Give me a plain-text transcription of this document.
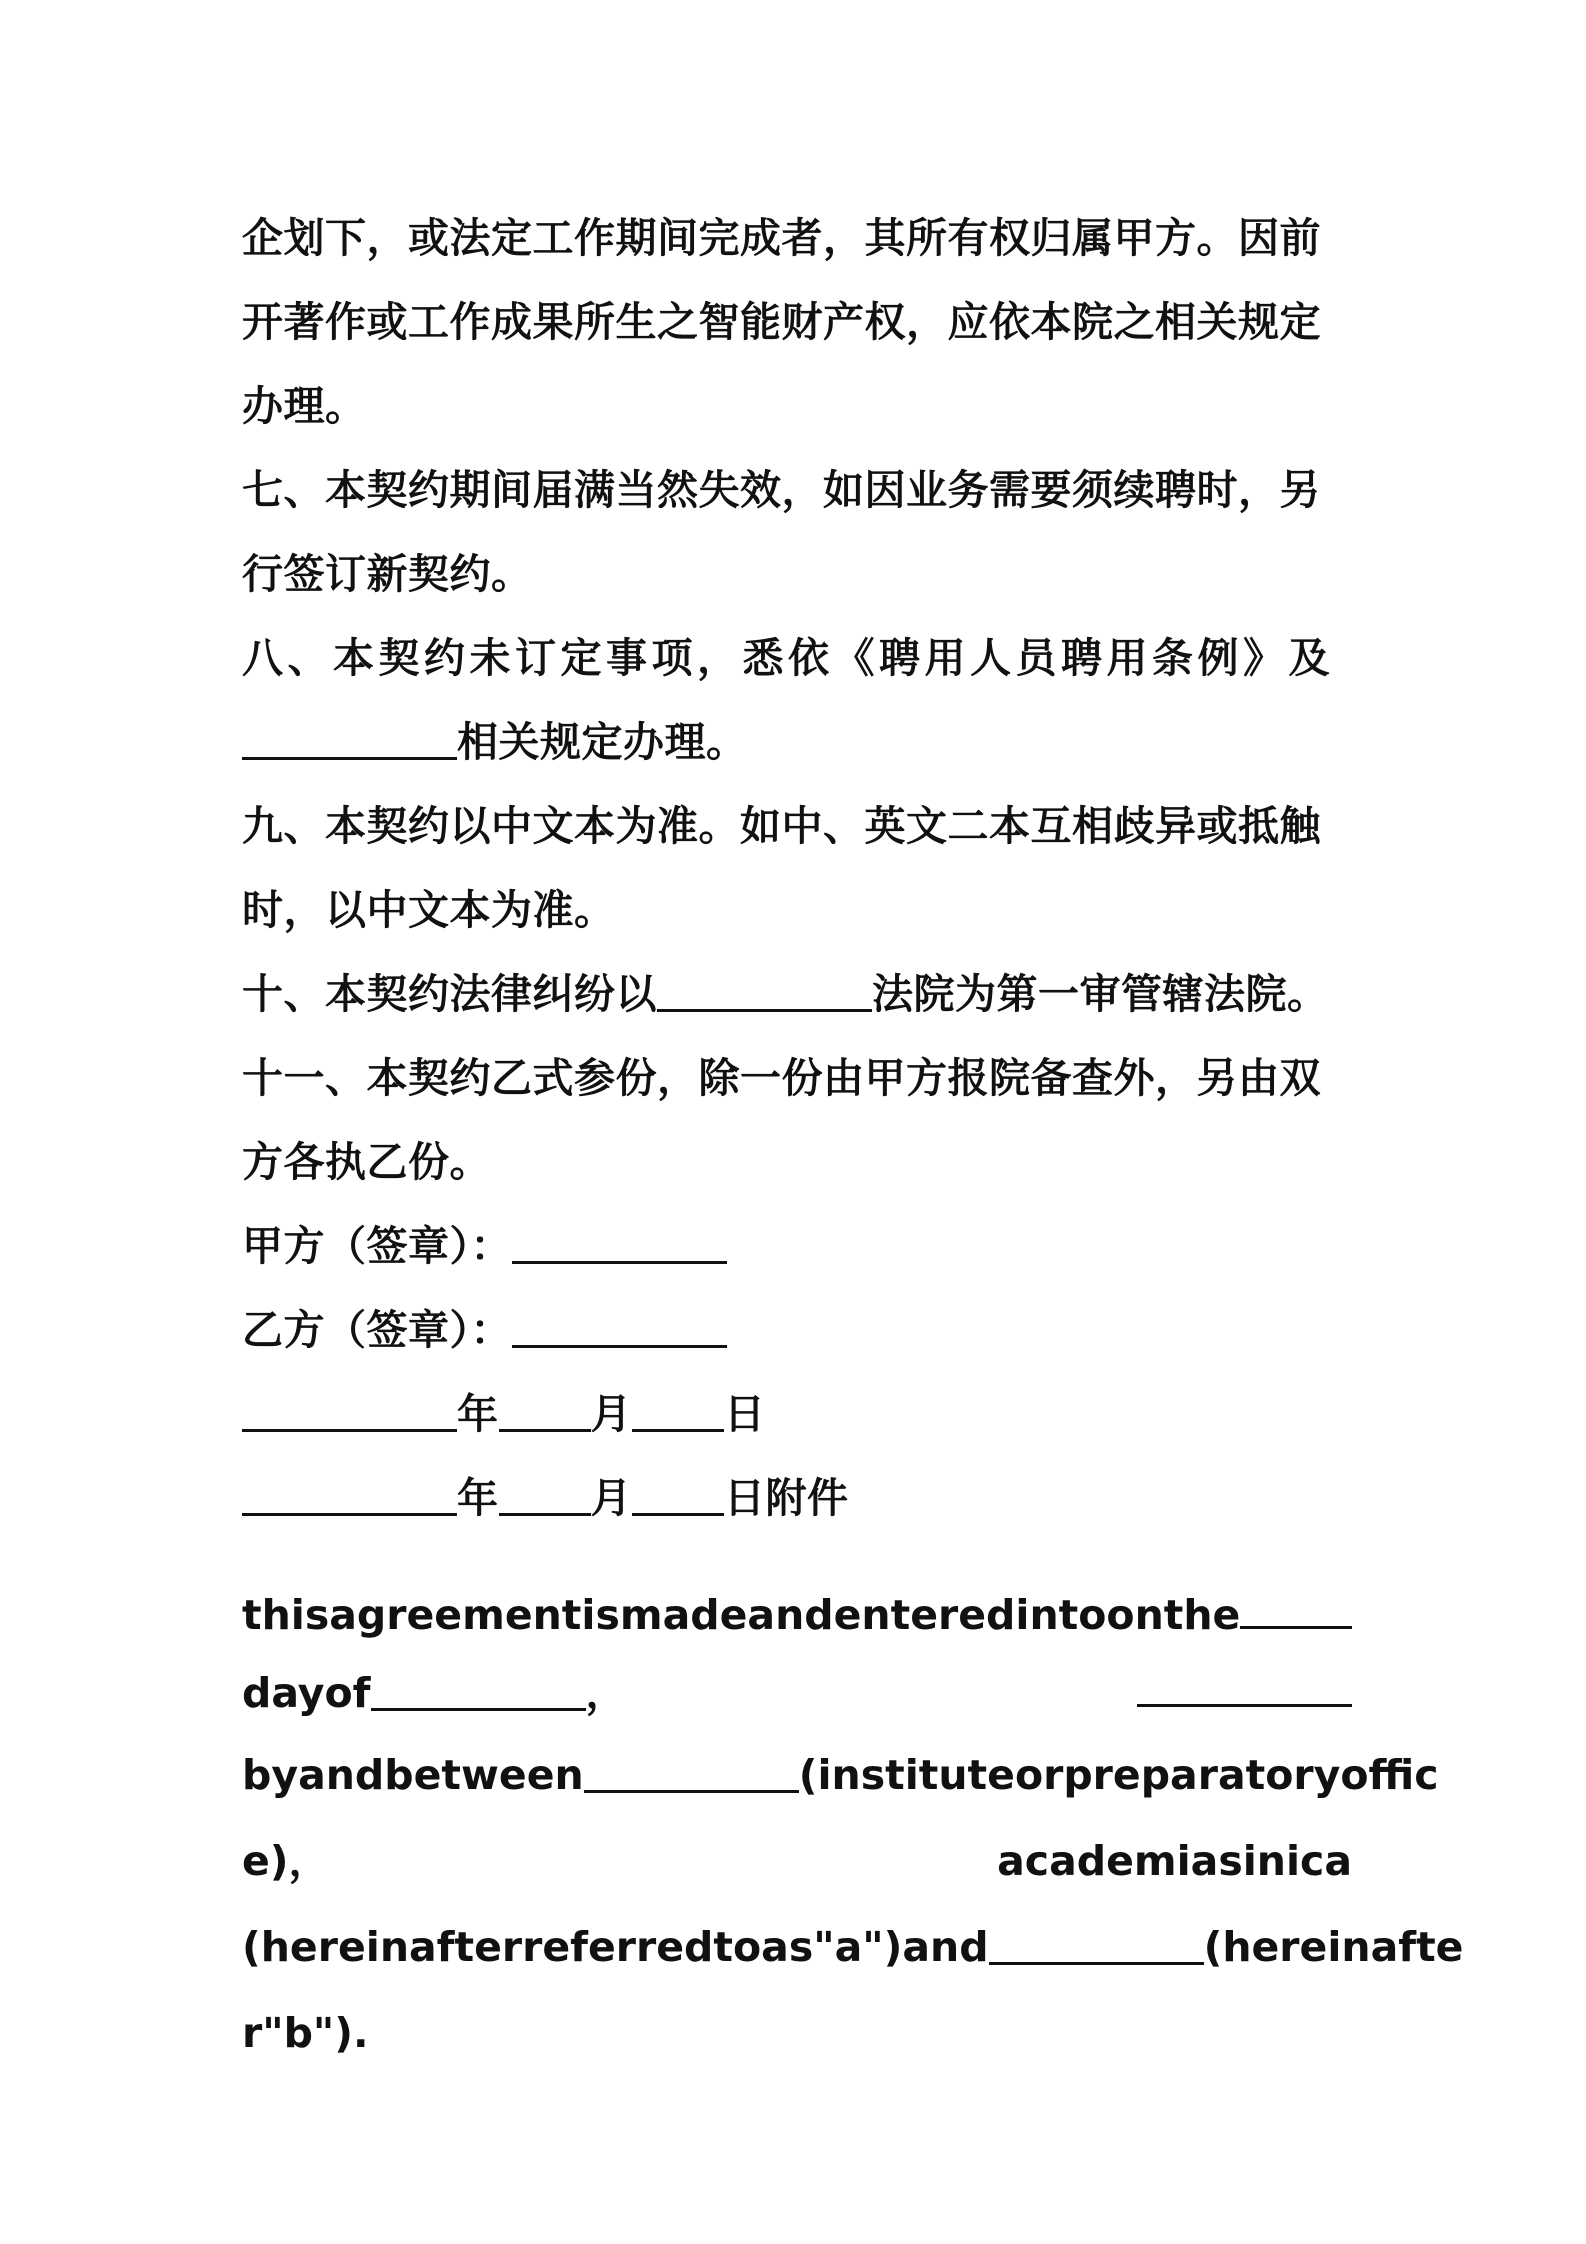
企划下，或法定工作期间完成者，其所有权归属甲方。因前
开著作或工作成果所生之智能财产权，应依本院之相关规定
办理。
七、本契约期间届满当然失效，如因业务需要须续聘时，另
行签订新契约。
八、本契约未订定事项，悉依《聘用人员聘用条例》及
相关规定办理。
九、本契约以中文本为准。如中、英文二本互相歧异或抵触
时，以中文本为准。
十、本契约法律纠纷以	法院为第一审管辖法院。
十一、本契约乙式参份，除一份由甲方报院备查外，另由双
方各执乙份。
甲方（签章）：
乙方（签章）：
年 月 日
年 月 日附件
thisagreementismadeandenteredintoonthe
dayof	，
byandbetween	(instituteorpreparatoryoffic
e)，	academiasinica
(hereinafterreferredtoas"a")and	(hereinafte
r"b").
